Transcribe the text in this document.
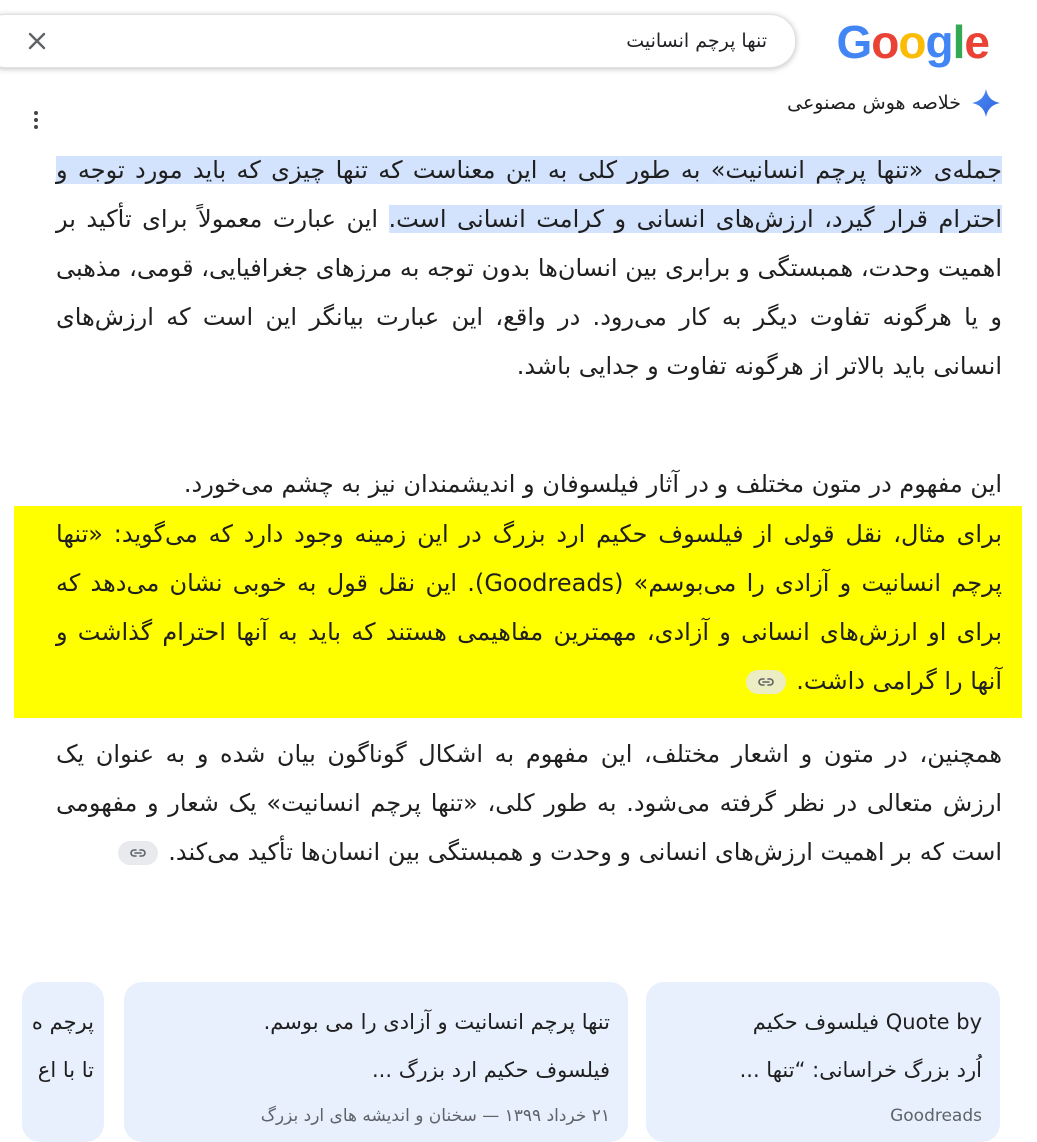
Google
تنها پرچم انسانیت
خلاصه هوش مصنوعی
جمله‌ی «تنها پرچم انسانیت» به طور کلی به این معناست که تنها چیزی که باید مورد توجه و احترام قرار گیرد، ارزش‌های انسانی و کرامت انسانی است. این عبارت معمولاً برای تأکید بر اهمیت وحدت، همبستگی و برابری بین انسان‌ها بدون توجه به مرزهای جغرافیایی، قومی، مذهبی و یا هرگونه تفاوت دیگر به کار می‌رود. در واقع، این عبارت بیانگر این است که ارزش‌های انسانی باید بالاتر از هرگونه تفاوت و جدایی باشد.
این مفهوم در متون مختلف و در آثار فیلسوفان و اندیشمندان نیز به چشم می‌خورد.
برای مثال، نقل قولی از فیلسوف حکیم ارد بزرگ در این زمینه وجود دارد که می‌گوید: «تنها پرچم انسانیت و آزادی را می‌بوسم» (Goodreads). این نقل قول به خوبی نشان می‌دهد که برای او ارزش‌های انسانی و آزادی، مهمترین مفاهیمی هستند که باید به آنها احترام گذاشت و آنها را گرامی داشت.
همچنین، در متون و اشعار مختلف، این مفهوم به اشکال گوناگون بیان شده و به عنوان یک ارزش متعالی در نظر گرفته می‌شود. به طور کلی، «تنها پرچم انسانیت» یک شعار و مفهومی است که بر اهمیت ارزش‌های انسانی و وحدت و همبستگی بین انسان‌ها تأکید می‌کند.
Quote by فیلسوف حکیم
اُرد بزرگ خراسانی: “تنها ...
Goodreads
تنها پرچم انسانیت و آزادی را می بوسم.
فیلسوف حکیم ارد بزرگ ...
۲۱ خرداد ۱۳۹۹ — سخنان و اندیشه های ارد بزرگ
پرچم ه
تا با اع
